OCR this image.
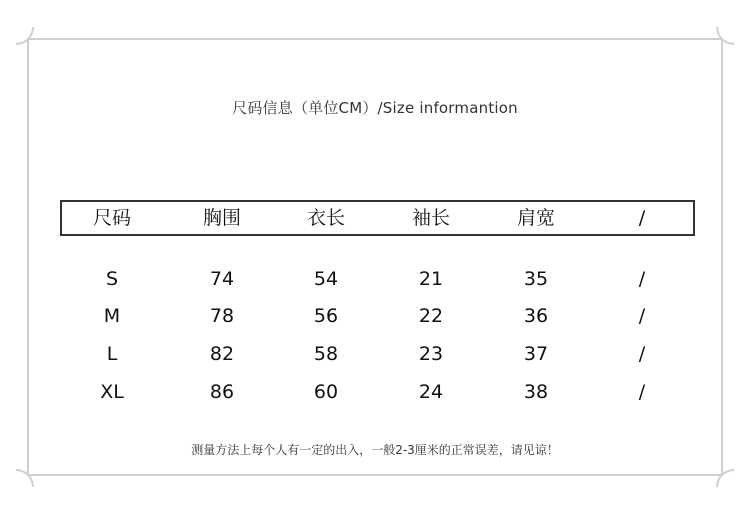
尺码信息（单位CM）/Size informantion
尺码	胸围	衣长	袖长	肩宽	/
S	74	54	21	35	/
M	78	56	22	36	/
L	82	58	23	37	/
XL	86	60	24	38	/
测量方法上每个人有一定的出入，一般2-3厘米的正常误差，请见谅！
